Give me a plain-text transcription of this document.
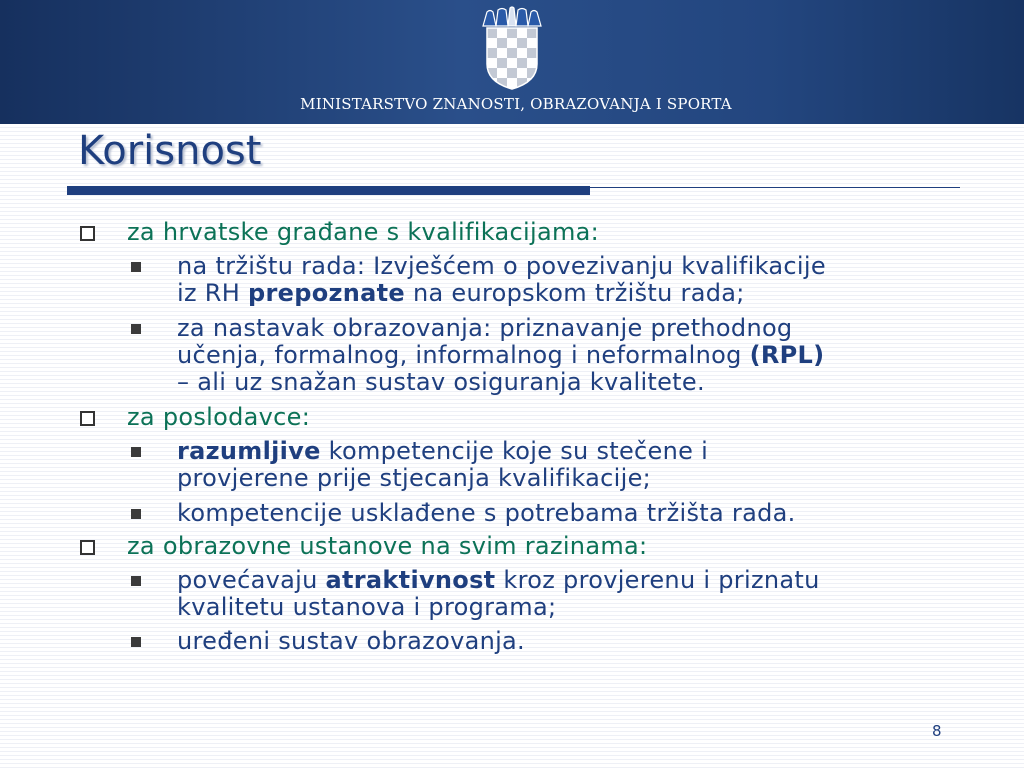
MINISTARSTVO ZNANOSTI, OBRAZOVANJA I SPORTA
Korisnost

za hrvatske građane s kvalifikacijama:

na tržištu rada: Izvješćem o povezivanju kvalifikacije
iz RH prepoznate na europskom tržištu rada;
za nastavak obrazovanja: priznavanje prethodnog
učenja, formalnog, informalnog i neformalnog (RPL)
– ali uz snažan sustav osiguranja kvalitete.

za poslodavce:

razumljive kompetencije koje su stečene i
provjerene prije stjecanja kvalifikacije;
kompetencije usklađene s potrebama tržišta rada.

za obrazovne ustanove na svim razinama:

povećavaju atraktivnost kroz provjerenu i priznatu
kvalitetu ustanova i programa;
uređeni sustav obrazovanja.
8
